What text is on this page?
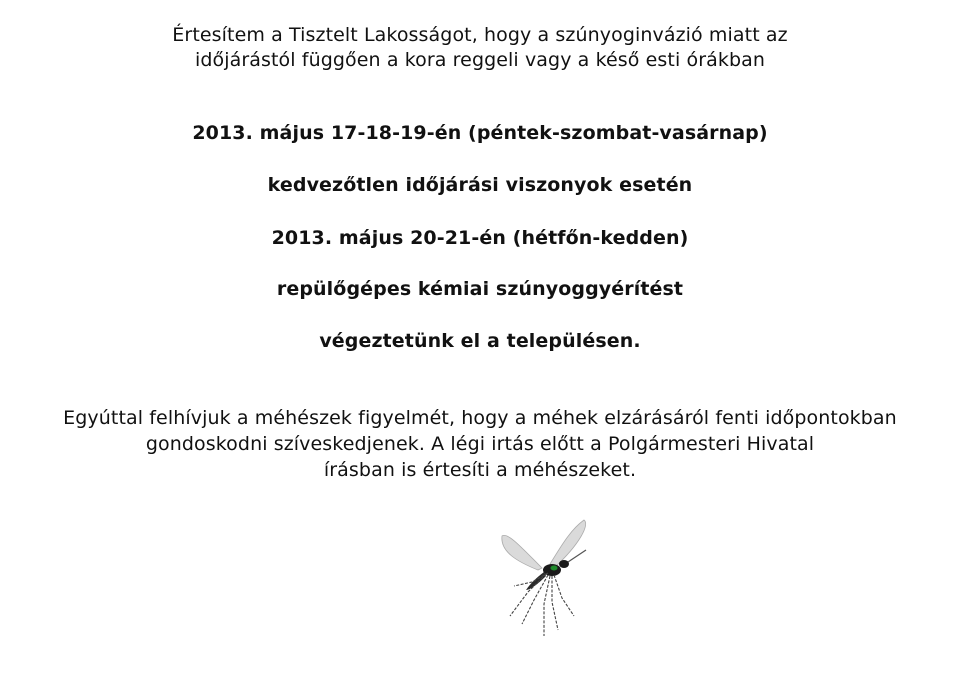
Értesítem a Tisztelt Lakosságot, hogy a szúnyoginvázió miatt az
időjárástól függően a kora reggeli vagy a késő esti órákban
2013. május 17-18-19-én (péntek-szombat-vasárnap)
kedvezőtlen időjárási viszonyok esetén
2013. május 20-21-én (hétfőn-kedden)
repülőgépes kémiai szúnyoggyérítést
végeztetünk el a településen.
Egyúttal felhívjuk a méhészek figyelmét, hogy a méhek elzárásáról fenti időpontokban
gondoskodni szíveskedjenek. A légi irtás előtt a Polgármesteri Hivatal
írásban is értesíti a méhészeket.
